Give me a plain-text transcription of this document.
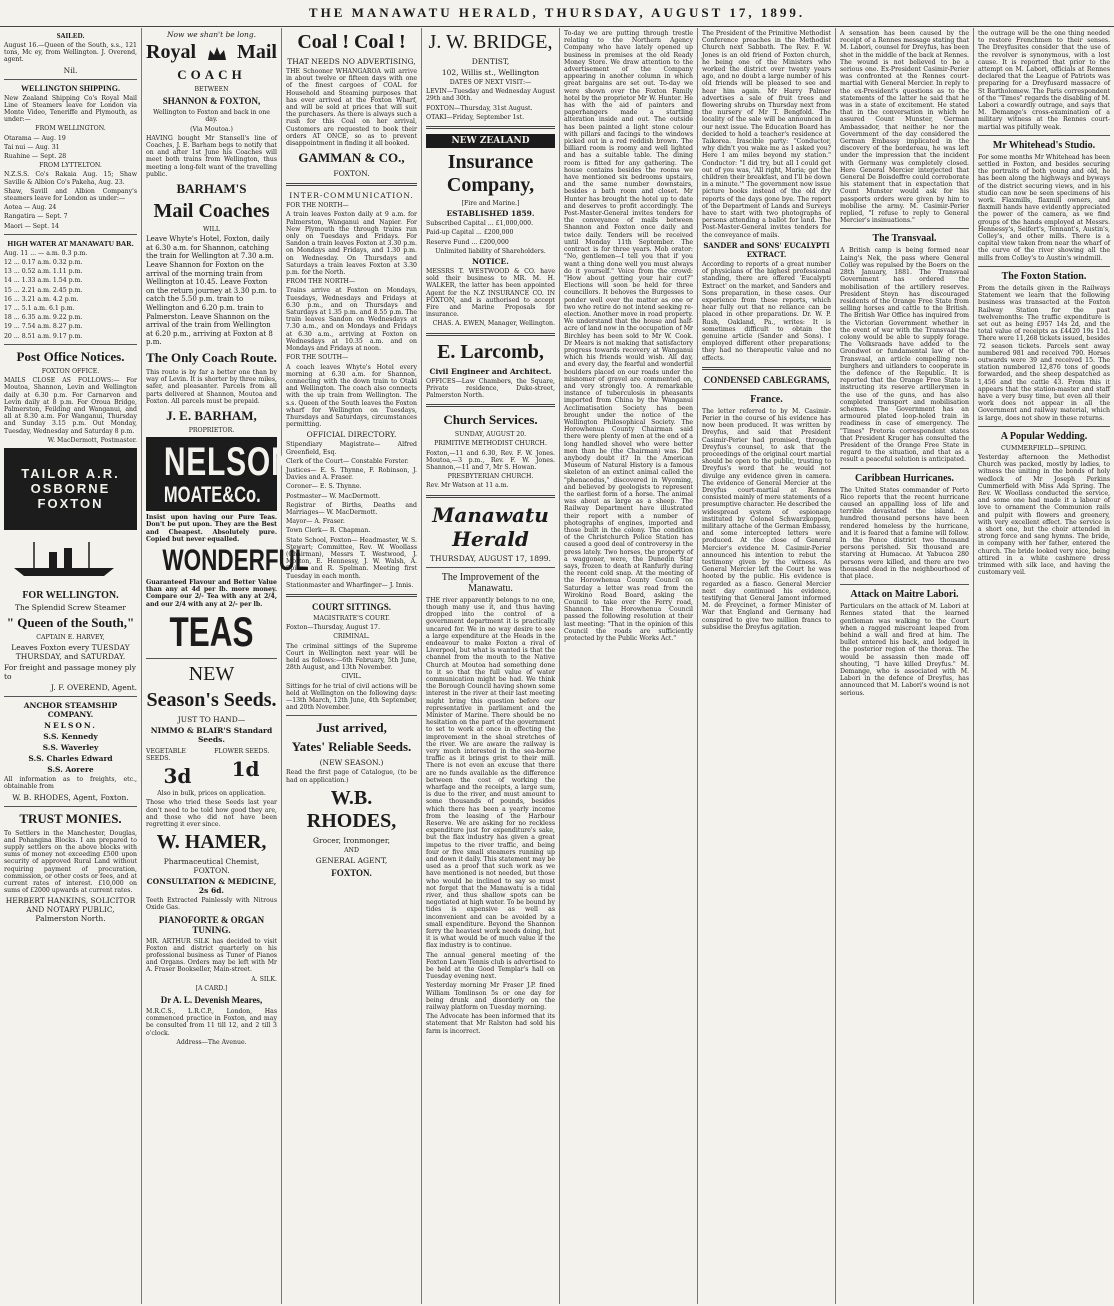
THE MANAWATU HERALD, THURSDAY, AUGUST 17, 1899.
SAILED.

August 16.—Queen of the South, s.s., 121 tons, Mc ey, from Wellington. J. Overend, agent.

Nil.

WELLINGTON SHIPPING.

New Zealand Shipping Co's Royal Mail Line of Steamers leave for London via Monte Video, Teneriffe and Plymouth, as under:—

FROM WELLINGTON.

Otarama — Aug. 19

Tai nui — Aug. 31

Ruahine — Sept. 28

FROM LYTTELTON.

N.Z.S.S. Co's Rakaia Aug. 15; Shaw Saville & Albion Co's Pakeha, Aug. 23.

Shaw, Savill and Albion Company's steamers leave for London as under:—

Aotea — Aug. 24

Rangatira — Sept. 7

Maori — Sept. 14

HIGH WATER AT MANAWATU BAR.

Aug. 11 ... — a.m. 0.3 p.m.

12 ... 0.17 a.m. 0.32 p.m.

13 ... 0.52 a.m. 1.11 p.m.

14 ... 1.33 a.m. 1.54 p.m.

15 ... 2.21 a.m. 2.45 p.m.

16 ... 3.21 a.m. 4.2 p.m.

17 ... 5.1 a.m. 6.1 p.m.

18 ... 6.35 a.m. 9.22 p.m.

19 ... 7.54 a.m. 8.27 p.m.

20 ... 8.51 a.m. 9.17 p.m.

Post Office Notices.

FOXTON OFFICE.

MAILS CLOSE AS FOLLOWS:— For Moutoa, Shannon, Levin and Wellington daily at 6.30 p.m. For Carnarvon and Levin daily at 8 p.m. For Oroua Bridge, Palmerston, Feilding and Wanganui, and all at 8.30 a.m. For Wanganui, Thursday and Sunday 3.15 p.m. Out Monday, Tuesday, Wednesday and Saturday 8 p.m.

W. MacDermott, Postmaster.

TAILOR A.R. OSBORNE FOXTON
FOR WELLINGTON.

The Splendid Screw Steamer

" Queen of the South,"

CAPTAIN E. HARVEY,

Leaves Foxton every TUESDAY THURSDAY, and SATURDAY.

For freight and passage money ply to

J. F. OVEREND, Agent.

ANCHOR STEAMSHIP COMPANY.

NELSON.

S.S. Kennedy

S.S. Waverley

S.S. Charles Edward

S.S. Aorere

All information as to freights, etc., obtainable from

W. B. RHODES, Agent, Foxton.

TRUST MONIES.

To Settlers in the Manchester, Douglas, and Pohangina Blocks. I am prepared to supply settlers on the above blocks with sums of money not exceeding £500 upon security of approved Rural Land without requiring payment of procuration, commission, or other costs or fees, and at current rates of interest. £10,000 on sums of £2000 upwards at current rates.

HERBERT HANKINS, SOLICITOR AND NOTARY PUBLIC, Palmerston North.

Now we shan't be long.

Royal Mail
COACH

BETWEEN

SHANNON & FOXTON,

Wellington to Foxton and back in one day.

(Via Moutoa.)

HAVING bought Mr Stansell's line of Coaches, J. E. Barham begs to notify that on and after 1st June his Coaches will meet both trains from Wellington, thus meeting a long-felt want of the travelling public.

BARHAM'S
Mail Coaches

WILL

Leave Whyte's Hotel, Foxton, daily at 6.30 a.m. for Shannon, catching the train for Wellington at 7.30 a.m. Leave Shannon for Foxton on the arrival of the morning train from Wellington at 10.45. Leave Foxton on the return journey at 3.30 p.m. to catch the 5.50 p.m. train to Wellington and 6.20 p.m. train to Palmerston. Leave Shannon on the arrival of the train from Wellington at 6.20 p.m., arriving at Foxton at 8 p.m.

The Only Coach Route.

This route is by far a better one than by way of Levin. It is shorter by three miles, safer, and pleasanter. Parcels from all parts delivered at Shannon, Moutoa and Foxton. All parcels must be prepaid.

J. E. BARHAM,

PROPRIETOR.

NELSON
MOATE&Co.

Insist upon having our Pure Teas. Don't be put upon. They are the Best and Cheapest. Absolutely pure. Copied but never equalled.

WONDERFUL

Guaranteed Flavour and Better Value than any at 4d per lb. more money. Compare our 2/- Tea with any at 2/4, and our 2/4 with any at 2/- per lb.

TEAS
NEW
Season's Seeds.

JUST TO HAND—

NIMMO & BLAIR'S Standard Seeds.

VEGETABLE SEEDS.

3d

FLOWER SEEDS.

1d

Also in bulk, prices on application.

Those who tried these Seeds last year don't need to be told how good they are, and those who did not have been regretting it ever since.

W. HAMER,

Pharmaceutical Chemist, FOXTON.

CONSULTATION & MEDICINE, 2s 6d.

Teeth Extracted Painlessly with Nitrous Oxide Gas.

PIANOFORTE & ORGAN TUNING.

MR. ARTHUR SILK has decided to visit Foxton and district quarterly on his professional business as Tuner of Pianos and Organs. Orders may be left with Mr A. Fraser Bookseller, Main-street.

A. SILK.

[A CARD.]

Dr A. L. Devenish Meares,

M.R.C.S., L.R.C.P., London, Has commenced practice in Foxton, and may be consulted from 11 till 12, and 2 till 3 o'clock.

Address—The Avenue.

Coal ! Coal !

THAT NEEDS NO ADVERTISING,

THE Schooner WHANGAROA will arrive in about twelve or fifteen days with one of the finest cargoes of COAL for Household and Steaming purposes that has ever arrived at the Foxton Wharf, and will be sold at prices that will suit the purchasers. As there is always such a rush for this Coal on her arrival, Customers are requested to book their orders AT ONCE, so as to prevent disappointment in finding it all booked.

GAMMAN & CO.,

FOXTON.

INTER-COMMUNICATION.

FOR THE NORTH—

A train leaves Foxton daily at 9 a.m. for Palmerston, Wanganui and Napier. For New Plymouth the through trains run only on Tuesdays and Fridays. For Sandon a train leaves Foxton at 3.30 p.m. on Mondays and Fridays, and 1.30 p.m. on Wednesday. On Thursdays and Saturdays a train leaves Foxton at 3.30 p.m. for the North.

FROM THE NORTH—

Trains arrive at Foxton on Mondays, Tuesdays, Wednesdays and Fridays at 6.30 p.m., and on Thursdays and Saturdays at 1.35 p.m. and 8.55 p.m. The train leaves Sandon on Wednesdays at 7.30 a.m., and on Mondays and Fridays at 6.30 a.m., arriving at Foxton on Wednesdays at 10.35 a.m. and on Mondays and Fridays at noon.

FOR THE SOUTH—

A coach leaves Whyte's Hotel every morning at 6.30 a.m. for Shannon, connecting with the down train to Otaki and Wellington. The coach also connects with the up train from Wellington. The s.s. Queen of the South leaves the Foxton wharf for Wellington on Tuesdays, Thursdays and Saturdays, circumstances permitting.

OFFICIAL DIRECTORY.

Stipendiary Magistrate— Alfred Greenfield, Esq.

Clerk of the Court— Constable Forster.

Justices— E. S. Thynne, F. Robinson, J. Davies and A. Fraser.

Coroner— E. S. Thynne.

Postmaster— W. MacDermott.

Registrar of Births, Deaths and Marriages— W. MacDermott.

Mayor— A. Fraser.

Town Clerk— R. Chapman.

State School, Foxton— Headmaster, W. S. Stewart; Committee, Rev. W. Woollass (Chairman), Messrs T. Westwood, J. Morton, E. Hennessy, J. W. Walsh, A. Spiers and R. Spelman. Meeting first Tuesday in each month.

Stationmaster and Wharfinger— J. Innis.

COURT SITTINGS.

MAGISTRATE'S COURT.

Foxton—Thursday, August 17.

CRIMINAL.

The criminal sittings of the Supreme Court in Wellington next year will be held as follows:—6th February, 5th June, 28th August, and 13th November.

CIVIL.

Sittings for he trial of civil actions will be held at Wellington on the following days:—13th March, 12th June, 4th September, and 20th November.

Just arrived,
Yates' Reliable Seeds.

(NEW SEASON.)

Read the first page of Catalogue, (to be had on application.)

W.B. RHODES,

Grocer, Ironmonger,

AND

GENERAL AGENT,

FOXTON.
J. W. BRIDGE,

DENTIST,

102, Willis st., Wellington

DATES OF NEXT VISIT:—

LEVIN—Tuesday and Wednesday August 29th and 30th.

FOXTON—Thursday, 31st August.

OTAKI—Friday, September 1st.

NEW ZEALAND
Insurance Company,

[Fire and Marine.]

ESTABLISHED 1859.

Subscribed Capital ... £1,000,000.

Paid-up Capital ... £200,000

Reserve Fund ... £200,000

Unlimited liability of Shareholders.

NOTICE.

MESSRS T. WESTWOOD & CO. have sold their business to MR. M. H. WALKER, the latter has been appointed Agent for the N.Z INSURANCE CO. IN FOXTON, and is authorised to accept Fire and Marine Proposals for insurance.

CHAS. A. EWEN, Manager, Wellington.

E. Larcomb,

Civil Engineer and Architect.

OFFICES—Law Chambers, the Square, Private residence, Duke-street, Palmerston North.

Church Services.

SUNDAY, AUGUST 20.

PRIMITIVE METHODIST CHURCH.

Foxton,—11 and 6.30, Rev. F. W. Jones. Moutoa,—3 p.m., Rev. F. W. Jones. Shannon,—11 and 7, Mr S. Howan.

PRESBYTERIAN CHURCH.

Rev. Mr Watson at 11 a.m.

Manawatu Herald

THURSDAY, AUGUST 17, 1899.

The Improvement of the Manawatu.

THE river apparently belongs to no one, though many use it, and thus having dropped into the control of a government department it is practically uncared for. We in no way desire to see a large expenditure at the Heads in the endeavour to make Foxton a rival of Liverpool, but what is wanted is that the channel from the mouth to the Native Church at Moutoa had something done to it so that the full value of water communication might be had. We think the Borough Council having shown some interest in the river at their last meeting might bring this question before our representative in parliament and the Minister of Marine. There should be no hesitation on the part of the government to set to work at once in effecting the improvement in the shoal stretches of the river. We are aware the railway is very much interested in the sea-borne traffic as it brings grist to their mill. There is not even an excuse that there are no funds available as the difference between the cost of working the wharfage and the receipts, a large sum, is due to the river, and must amount to some thousands of pounds, besides which there has been a yearly income from the leasing of the Harbour Reserve. We are asking for no reckless expenditure just for expenditure's sake, but the flax industry has given a great impetus to the river traffic, and being four or five small steamers running up and down it daily. This statement may be used as a proof that such work as we have mentioned is not needed, but those who would be inclined to say so must not forget that the Manawatu is a tidal river, and thus shallow spots can be negotiated at high water. To be bound by tides is expensive as well as inconvenient and can be avoided by a small expenditure. Beyond the Shannon ferry the heaviest work needs doing, but it is what would be of much value if the flax industry is to continue.

The annual general meeting of the Foxton Lawn Tennis club is advertised to be held at the Good Templar's hall on Tuesday evening next.

Yesterday morning Mr Fraser J.P. fined William Tomlinson 5s or one day for being drunk and disorderly on the railway platform on Tuesday morning.

The Advocate has been informed that its statement that Mr Ralston had sold his farm is incorrect.

To-day we are putting through trestle relating to the Northern Agency Company who have lately opened up business in premises at the old Ready Money Store. We draw attention to the advertisement of the Company appearing in another column in which great bargains are set out. To-day we were shown over the Foxton Family hotel by the proprietor Mr W. Hunter. He has with the aid of painters and paperhangers made a startling alteration inside and out. The outside has been painted a light stone colour with pillars and facings to the windows picked out in a red reddish brown. The billiard room is roomy and well lighted and has a suitable table. The dining room is fitted for any gathering. The house contains besides the rooms we have mentioned six bedrooms upstairs, and the same number downstairs, besides a bath room and closet. Mr Hunter has brought the hotel up to date and deserves to profit accordingly. The Post-Master-General invites tenders for the conveyance of mails between Shannon and Foxton once daily and twice daily. Tenders will be received until Monday 11th September. The contract is for three years. Mob orator: "No, gentlemen—I tell you that if you want a thing done well you must always do it yourself." Voice from the crowd: "How about getting your hair cut?" Elections will soon be held for three councillors. It behoves the Burgesses to ponder well over the matter as one or two who retire do not intend seeking re-election. Another move in road property. We understand that the house and half-acre of land now in the occupation of Mr Birchley has been sold to Mr W. Cook. Dr Mears is not making that satisfactory progress towards recovery at Wanganui which his friends would wish. All day, and every day, the fearful and wonderful boulders placed on our roads under the misnomer of gravel are commented on, and very strongly too. A remarkable instance of tuberculosis in pheasants imported from China by the Wanganui Acclimatisation Society has been brought under the notice of the Wellington Philosophical Society. The Horowhenua County Chairman said there were plenty of men at the end of a long handled shovel who were better men than he (the Chairman) was. Did anybody doubt it? In the American Museum of Natural History is a famous skeleton of an extinct animal called the "phenacodus," discovered in Wyoming, and believed by geologists to represent the earliest form of a horse. The animal was about as large as a sheep. The Railway Department have illustrated their report with a number of photographs of engines, imported and those built in the colony. The condition of the Christchurch Police Station has caused a good deal of controversy in the press lately. Two horses, the property of a waggoner, were, the Dunedin Star says, frozen to death at Ranfurly during the recent cold snap. At the meeting of the Horowhenua County Council on Saturday a letter was read from the Wirokino Road Board, asking the Council to take over the Ferry road, Shannon. The Horowhenua Council passed the following resolution at their last meeting: "That in the opinion of this Council the roads are sufficiently protected by the Public Works Act."

The President of the Primitive Methodist Conference preaches in the Methodist Church next Sabbath. The Rev. F. W. Jones is an old friend of Foxton church, he being one of the Ministers who worked the district over twenty years ago, and no doubt a large number of his old friends will be pleased to see and hear him again. Mr Harry Palmer advertises a sale of fruit trees and flowering shrubs on Thursday next from the nursery of Mr T. Bengfold. The locality of the sale will be announced in our next issue. The Education Board has decided to hold a teacher's residence at Taikorea. Irascible party: "Conductor, why didn't you wake me as I asked you? Here I am miles beyond my station." Conductor: "I did try, but all I could get out of you was, 'All right, Maria; get the children their breakfast, and I'll be down in a minute.'" The government now issue picture books instead of the old dry reports of the days gone bye. The report of the Department of Lands and Surveys have to start with two photographs of persons attending a ballot for land. The Post-Master-General invites tenders for the conveyance of mails.

SANDER and SONS' EUCALYPTI EXTRACT.

According to reports of a great number of physicians of the highest professional standing, there are offered 'Eucalypti Extract' on the market, and Sanders and Sons preparation, in these cases. Our experience from these reports, which hear fully out that no reliance can be placed in other preparations. Dr. W. P. Rush, Oakland, Pa., writes: It is sometimes difficult to obtain the genuine article (Sander and Sons). I employed different other preparations; they had no therapeutic value and no effects.

CONDENSED CABLEGRAMS,
France.

The letter referred to by M. Casimir-Perier in the course of his evidence has now been produced. It was written by Dreyfus, and said that President Casimir-Perier had promised, through Dreyfus's counsel, to ask that the proceedings of the original court martial should be open to the public, trusting to Dreyfus's word that he would not divulge any evidence given in camera. The evidence of General Mercier at the Dreyfus court-martial at Rennes consisted mainly of mere statements of a presumptive character. He described the widespread system of espionage instituted by Colonel Schwarzkoppen, military attache of the German Embassy, and some intercepted letters were produced. At the close of General Mercier's evidence M. Casimir-Perier announced his intention to rebut the testimony given by the witness. As General Mercier left the Court he was hooted by the public. His evidence is regarded as a fiasco. General Mercier next day continued his evidence, testifying that General Jamont informed M. de Freycinet, a former Minister of War that England and Germany had conspired to give two million francs to subsidise the Dreyfus agitation.

A sensation has been caused by the receipt of a Rennes message stating that M. Labori, counsel for Dreyfus, has been shot in the middle of the back at Rennes. The wound is not believed to be a serious one. Ex-President Casimir-Perier was confronted at the Rennes court-martial with General Mercier. In reply to the ex-President's questions as to the statements of the latter he said that he was in a state of excitement. He stated that in the conversation in which he assured Count Munster, German Ambassador, that neither he nor the Government of the day considered the German Embassy implicated in the discovery of the bordereau, he was left under the impression that the incident with Germany was completely closed. Here General Mercier interjected that General De Boisdeffre could corroborate his statement that in expectation that Count Munster would ask for his passports orders were given by him to mobilise the army. M. Casimir-Perier replied, "I refuse to reply to General Mercier's insinuations."

The Transvaal.

A British camp is being formed near Laing's Nek, the pass where General Colley was repulsed by the Boers on the 28th January, 1881. The Transvaal Government has ordered the mobilisation of the artillery reserves. President Steyn has discouraged residents of the Orange Free State from selling horses and cattle to the British. The British War Office has inquired from the Victorian Government whether in the event of war with the Transvaal the colony would be able to supply forage. The Volksraads have added to the Grondwet or fundamental law of the Transvaal, an article compelling non-burghers and uitlanders to cooperate in the defence of the Republic. It is reported that the Orange Free State is instructing its reserve artillerymen in the use of the guns, and has also completed transport and mobilisation schemes. The Government has an armoured plated loop-holed train in readiness in case of emergency. The "Times" Pretoria correspondent states that President Kruger has consulted the President of the Orange Free State in regard to the situation, and that as a result a peaceful solution is anticipated.

Caribbean Hurricanes.

The United States commander of Porto Rico reports that the recent hurricane caused an appalling loss of life and terrible devastated the island. A hundred thousand persons have been rendered homeless by the hurricane, and it is feared that a famine will follow. In the Ponce district two thousand persons perished. Six thousand are starving at Humacao. At Yabucoa 280 persons were killed, and there are two thousand dead in the neighbourhood of that place.

Attack on Maitre Labori.

Particulars on the attack of M. Labori at Rennes stated that the learned gentleman was walking to the Court when a ragged miscreant leaped from behind a wall and fired at him. The bullet entered his back, and lodged in the posterior region of the thorax. The would be assassin then made off shouting, "I have killed Dreyfus." M. Demange, who is associated with M. Labori in the defence of Dreyfus, has announced that M. Labori's wound is not serious.

the outrage will be the one thing needed to restore Frenchmen to their senses. The Dreyfusites consider that the use of the revolver is synonymous, with a lost cause. It is reported that prior to the attempt on M. Labori, officials at Rennes declared that the League of Patriots was preparing for a Dreyfusard massacre of St Bartholomew. The Paris correspondent of the "Times" regards the disabling of M. Labori a cowardly outrage, and says that M. Demange's cross-examination of a military witness at the Rennes court-martial was pitifully weak.

Mr Whitehead's Studio.

For some months Mr Whitehead has been settled in Foxton, and besides securing the portraits of both young and old, he has been along the highways and byways of the district securing views, and in his studio can now be seen specimens of his work. Flaxmills, flaxmill owners, and flaxmill hands have evidently appreciated the power of the camera, as we find groups of the hands employed at Messrs. Hennessy's, Seifert's, Tennant's, Austin's, Colley's, and other mills. There is a capital view taken from near the wharf of the curve of the river showing all the mills from Colley's to Austin's windmill.

The Foxton Station.

From the details given in the Railways Statement we learn that the following business was transacted at the Foxton Railway Station for the past twelvemonths: The traffic expenditure is set out as being £957 14s 2d, and the total value of receipts as £4420 19s 11d. There were 11,268 tickets issued, besides 72 season tickets. Parcels sent away numbered 981 and received 790. Horses outwards were 39 and received 15. The station numbered 12,876 tons of goods forwarded, and the sheep despatched as 1,456 and the cattle 43. From this it appears that the station-master and staff have a very busy time, but even all their work does not appear in all the Government and railway material, which is large, does not show in these returns.

A Popular Wedding.

CUMMERFIELD—SPRING.

Yesterday afternoon the Methodist Church was packed, mostly by ladies, to witness the uniting in the bonds of holy wedlock of Mr Joseph Perkins Cummerfield with Miss Ada Spring. The Rev. W. Woollass conducted the service, and some one had made it a labour of love to ornament the Communion rails and pulpit with flowers and greenery, with very excellent effect. The service is a short one, but the choir attended in strong force and sang hymns. The bride, in company with her father, entered the church. The bride looked very nice, being attired in a white cashmere dress trimmed with silk lace, and having the customary veil.
